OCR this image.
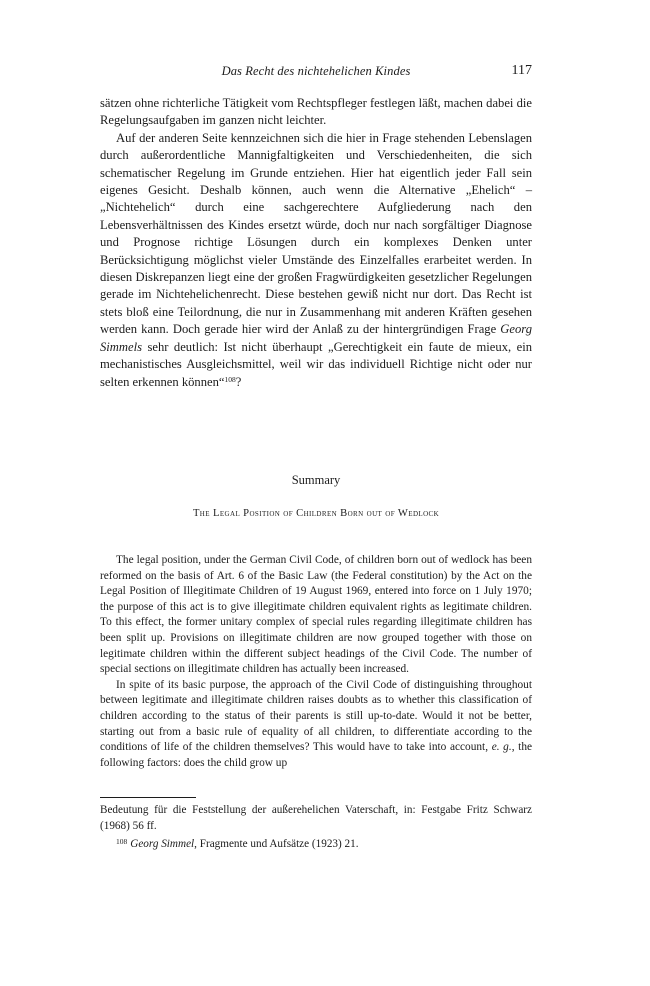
Das Recht des nichtehelichen Kindes	117

sätzen ohne richterliche Tätigkeit vom Rechtspfleger festlegen läßt, machen dabei die Regelungsaufgaben im ganzen nicht leichter.

Auf der anderen Seite kennzeichnen sich die hier in Frage stehenden Lebenslagen durch außerordentliche Mannigfaltigkeiten und Verschiedenheiten, die sich schematischer Regelung im Grunde entziehen. Hier hat eigentlich jeder Fall sein eigenes Gesicht. Deshalb können, auch wenn die Alternative „Ehelich“ – „Nichtehelich“ durch eine sachgerechtere Aufgliederung nach den Lebensverhältnissen des Kindes ersetzt würde, doch nur nach sorgfältiger Diagnose und Prognose richtige Lösungen durch ein komplexes Denken unter Berücksichtigung möglichst vieler Umstände des Einzelfalles erarbeitet werden. In diesen Diskrepanzen liegt eine der großen Fragwürdigkeiten gesetzlicher Regelungen gerade im Nichtehelichenrecht. Diese bestehen gewiß nicht nur dort. Das Recht ist stets bloß eine Teilordnung, die nur in Zusammenhang mit anderen Kräften gesehen werden kann. Doch gerade hier wird der Anlaß zu der hintergründigen Frage Georg Simmels sehr deutlich: Ist nicht überhaupt „Gerechtigkeit ein faute de mieux, ein mechanistisches Ausgleichsmittel, weil wir das individuell Richtige nicht oder nur selten erkennen können“$^{108}$?

Summary
The Legal Position of Children Born out of Wedlock

The legal position, under the German Civil Code, of children born out of wedlock has been reformed on the basis of Art. 6 of the Basic Law (the Federal constitution) by the Act on the Legal Position of Illegitimate Children of 19 August 1969, entered into force on 1 July 1970; the purpose of this act is to give illegitimate children equivalent rights as legitimate children. To this effect, the former unitary complex of special rules regarding illegitimate children has been split up. Provisions on illegitimate children are now grouped together with those on legitimate children within the different subject headings of the Civil Code. The number of special sections on illegitimate children has actually been increased.

In spite of its basic purpose, the approach of the Civil Code of distinguishing throughout between legitimate and illegitimate children raises doubts as to whether this classification of children according to the status of their parents is still up-to-date. Would it not be better, starting out from a basic rule of equality of all children, to differentiate according to the conditions of life of the children themselves? This would have to take into account, e. g., the following factors: does the child grow up

Bedeutung für die Feststellung der außerehelichen Vaterschaft, in: Festgabe Fritz Schwarz (1968) 56 ff.

$^{108}$ Georg Simmel, Fragmente und Aufsätze (1923) 21.
